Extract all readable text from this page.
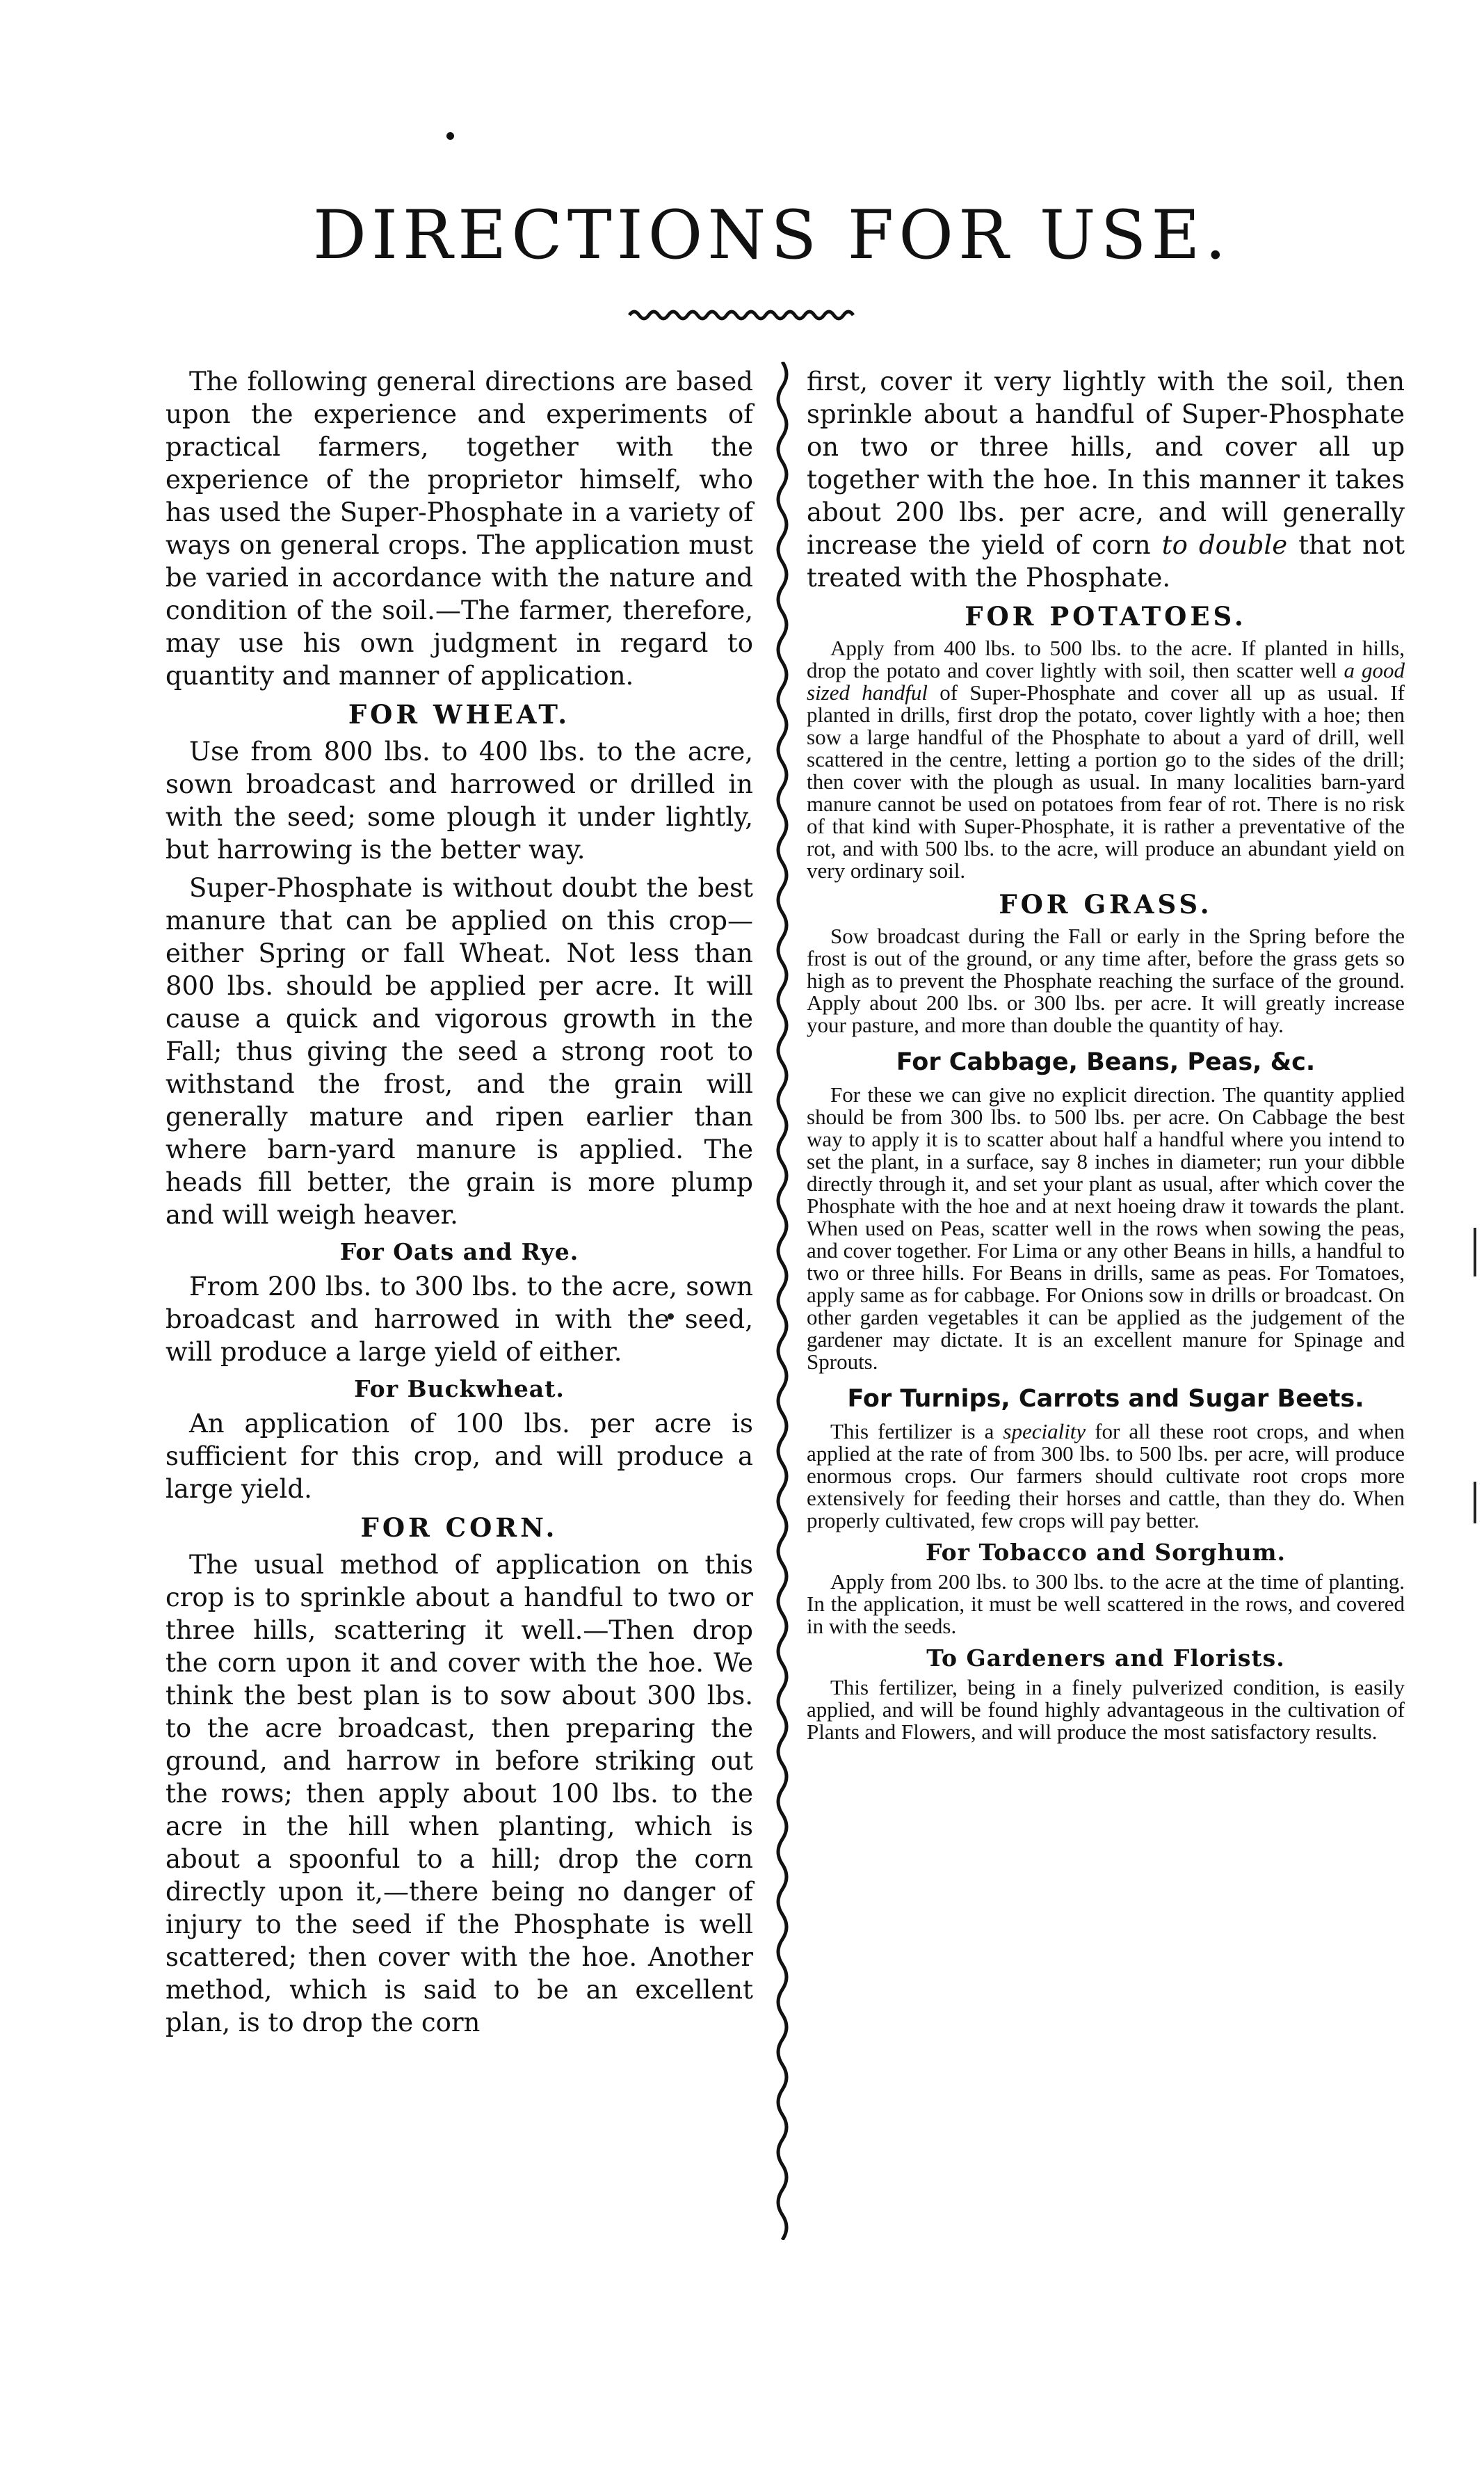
DIRECTIONS FOR USE.

The following general directions are based upon the experience and experiments of practical farmers, together with the experience of the proprietor himself, who has used the Super-Phosphate in a variety of ways on general crops. The application must be varied in accordance with the nature and condition of the soil.—The farmer, therefore, may use his own judgment in regard to quantity and manner of application.

FOR WHEAT.

Use from 800 lbs. to 400 lbs. to the acre, sown broadcast and harrowed or drilled in with the seed; some plough it under lightly, but harrowing is the better way.

Super-Phosphate is without doubt the best manure that can be applied on this crop—either Spring or fall Wheat. Not less than 800 lbs. should be applied per acre. It will cause a quick and vigorous growth in the Fall; thus giving the seed a strong root to withstand the frost, and the grain will generally mature and ripen earlier than where barn-yard manure is applied. The heads fill better, the grain is more plump and will weigh heaver.

For Oats and Rye.

From 200 lbs. to 300 lbs. to the acre, sown broadcast and harrowed in with the seed, will produce a large yield of either.

For Buckwheat.

An application of 100 lbs. per acre is sufficient for this crop, and will produce a large yield.

FOR CORN.

The usual method of application on this crop is to sprinkle about a handful to two or three hills, scattering it well.—Then drop the corn upon it and cover with the hoe. We think the best plan is to sow about 300 lbs. to the acre broadcast, then preparing the ground, and harrow in before striking out the rows; then apply about 100 lbs. to the acre in the hill when planting, which is about a spoonful to a hill; drop the corn directly upon it,—there being no danger of injury to the seed if the Phosphate is well scattered; then cover with the hoe. Another method, which is said to be an excellent plan, is to drop the corn

first, cover it very lightly with the soil, then sprinkle about a handful of Super-Phosphate on two or three hills, and cover all up together with the hoe. In this manner it takes about 200 lbs. per acre, and will generally increase the yield of corn to double that not treated with the Phosphate.

FOR POTATOES.

Apply from 400 lbs. to 500 lbs. to the acre. If planted in hills, drop the potato and cover lightly with soil, then scatter well a good sized handful of Super-Phosphate and cover all up as usual. If planted in drills, first drop the potato, cover lightly with a hoe; then sow a large handful of the Phosphate to about a yard of drill, well scattered in the centre, letting a portion go to the sides of the drill; then cover with the plough as usual. In many localities barn-yard manure cannot be used on potatoes from fear of rot. There is no risk of that kind with Super-Phosphate, it is rather a preventative of the rot, and with 500 lbs. to the acre, will produce an abundant yield on very ordinary soil.

FOR GRASS.

Sow broadcast during the Fall or early in the Spring before the frost is out of the ground, or any time after, before the grass gets so high as to prevent the Phosphate reaching the surface of the ground. Apply about 200 lbs. or 300 lbs. per acre. It will greatly increase your pasture, and more than double the quantity of hay.

For Cabbage, Beans, Peas, &c.

For these we can give no explicit direction. The quantity applied should be from 300 lbs. to 500 lbs. per acre. On Cabbage the best way to apply it is to scatter about half a handful where you intend to set the plant, in a surface, say 8 inches in diameter; run your dibble directly through it, and set your plant as usual, after which cover the Phosphate with the hoe and at next hoeing draw it towards the plant. When used on Peas, scatter well in the rows when sowing the peas, and cover together. For Lima or any other Beans in hills, a handful to two or three hills. For Beans in drills, same as peas. For Tomatoes, apply same as for cabbage. For Onions sow in drills or broadcast. On other garden vegetables it can be applied as the judgement of the gardener may dictate. It is an excellent manure for Spinage and Sprouts.

For Turnips, Carrots and Sugar Beets.

This fertilizer is a speciality for all these root crops, and when applied at the rate of from 300 lbs. to 500 lbs. per acre, will produce enormous crops. Our farmers should cultivate root crops more extensively for feeding their horses and cattle, than they do. When properly cultivated, few crops will pay better.

For Tobacco and Sorghum.

Apply from 200 lbs. to 300 lbs. to the acre at the time of planting. In the application, it must be well scattered in the rows, and covered in with the seeds.

To Gardeners and Florists.

This fertilizer, being in a finely pulverized condition, is easily applied, and will be found highly advantageous in the cultivation of Plants and Flowers, and will produce the most satisfactory results.
